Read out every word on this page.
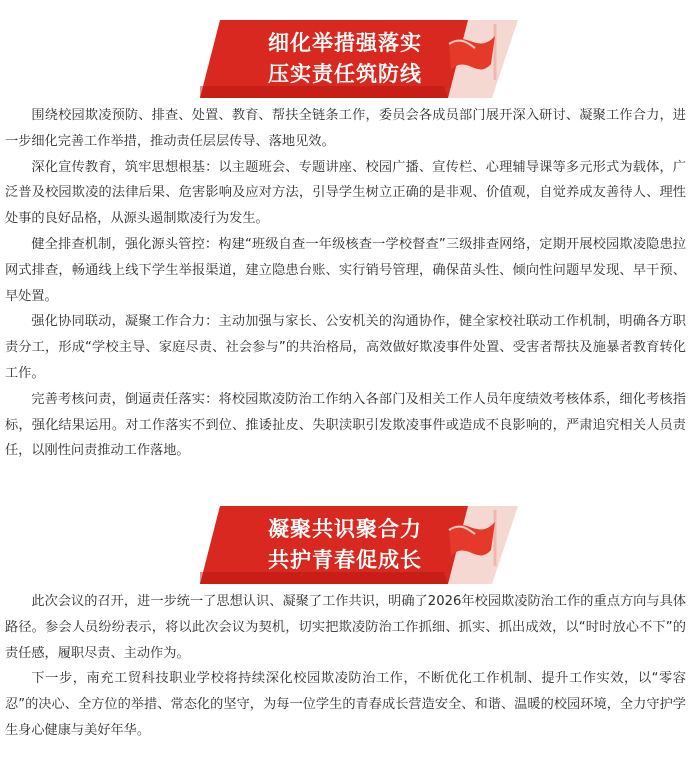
细化举措强落实
压实责任筑防线

围绕校园欺凌预防、排查、处置、教育、帮扶全链条工作，委员会各成员部门展开深入研讨、凝聚工作合力，进一步细化完善工作举措，推动责任层层传导、落地见效。

深化宣传教育，筑牢思想根基：以主题班会、专题讲座、校园广播、宣传栏、心理辅导课等多元形式为载体，广泛普及校园欺凌的法律后果、危害影响及应对方法，引导学生树立正确的是非观、价值观，自觉养成友善待人、理性处事的良好品格，从源头遏制欺凌行为发生。

健全排查机制，强化源头管控：构建“班级自查一年级核查一学校督查”三级排查网络，定期开展校园欺凌隐患拉网式排查，畅通线上线下学生举报渠道，建立隐患台账、实行销号管理，确保苗头性、倾向性问题早发现、早干预、早处置。

强化协同联动，凝聚工作合力：主动加强与家长、公安机关的沟通协作，健全家校社联动工作机制，明确各方职责分工，形成“学校主导、家庭尽责、社会参与”的共治格局，高效做好欺凌事件处置、受害者帮扶及施暴者教育转化工作。

完善考核问责，倒逼责任落实：将校园欺凌防治工作纳入各部门及相关工作人员年度绩效考核体系，细化考核指标，强化结果运用。对工作落实不到位、推诿扯皮、失职渎职引发欺凌事件或造成不良影响的，严肃追究相关人员责任，以刚性问责推动工作落地。

凝聚共识聚合力
共护青春促成长

此次会议的召开，进一步统一了思想认识、凝聚了工作共识，明确了2026年校园欺凌防治工作的重点方向与具体路径。参会人员纷纷表示，将以此次会议为契机，切实把欺凌防治工作抓细、抓实、抓出成效，以“时时放心不下”的责任感，履职尽责、主动作为。

下一步，南充工贸科技职业学校将持续深化校园欺凌防治工作，不断优化工作机制、提升工作实效，以“零容忍”的决心、全方位的举措、常态化的坚守，为每一位学生的青春成长营造安全、和谐、温暖的校园环境，全力守护学生身心健康与美好年华。
